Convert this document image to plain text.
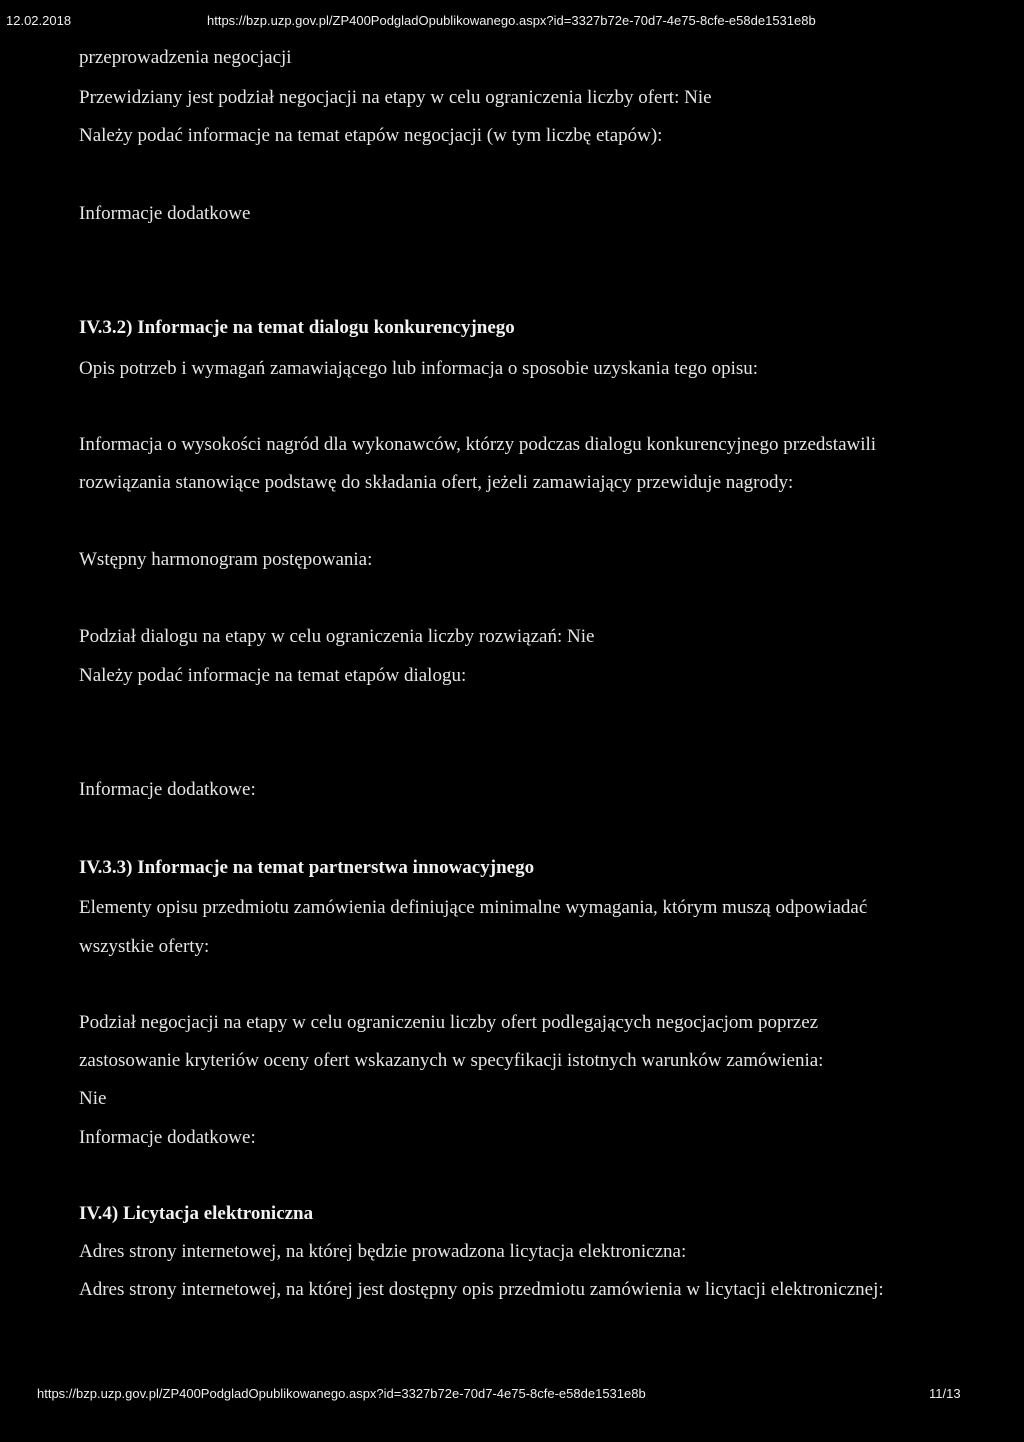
12.02.2018	https://bzp.uzp.gov.pl/ZP400PodgladOpublikowanego.aspx?id=3327b72e-70d7-4e75-8cfe-e58de1531e8b
przeprowadzenia negocjacji
Przewidziany jest podział negocjacji na etapy w celu ograniczenia liczby ofert: Nie
Należy podać informacje na temat etapów negocjacji (w tym liczbę etapów):
Informacje dodatkowe
IV.3.2) Informacje na temat dialogu konkurencyjnego
Opis potrzeb i wymagań zamawiającego lub informacja o sposobie uzyskania tego opisu:
Informacja o wysokości nagród dla wykonawców, którzy podczas dialogu konkurencyjnego przedstawili
rozwiązania stanowiące podstawę do składania ofert, jeżeli zamawiający przewiduje nagrody:
Wstępny harmonogram postępowania:
Podział dialogu na etapy w celu ograniczenia liczby rozwiązań: Nie
Należy podać informacje na temat etapów dialogu:
Informacje dodatkowe:
IV.3.3) Informacje na temat partnerstwa innowacyjnego
Elementy opisu przedmiotu zamówienia definiujące minimalne wymagania, którym muszą odpowiadać
wszystkie oferty:
Podział negocjacji na etapy w celu ograniczeniu liczby ofert podlegających negocjacjom poprzez
zastosowanie kryteriów oceny ofert wskazanych w specyfikacji istotnych warunków zamówienia:
Nie
Informacje dodatkowe:
IV.4) Licytacja elektroniczna
Adres strony internetowej, na której będzie prowadzona licytacja elektroniczna:
Adres strony internetowej, na której jest dostępny opis przedmiotu zamówienia w licytacji elektronicznej:
https://bzp.uzp.gov.pl/ZP400PodgladOpublikowanego.aspx?id=3327b72e-70d7-4e75-8cfe-e58de1531e8b	11/13
